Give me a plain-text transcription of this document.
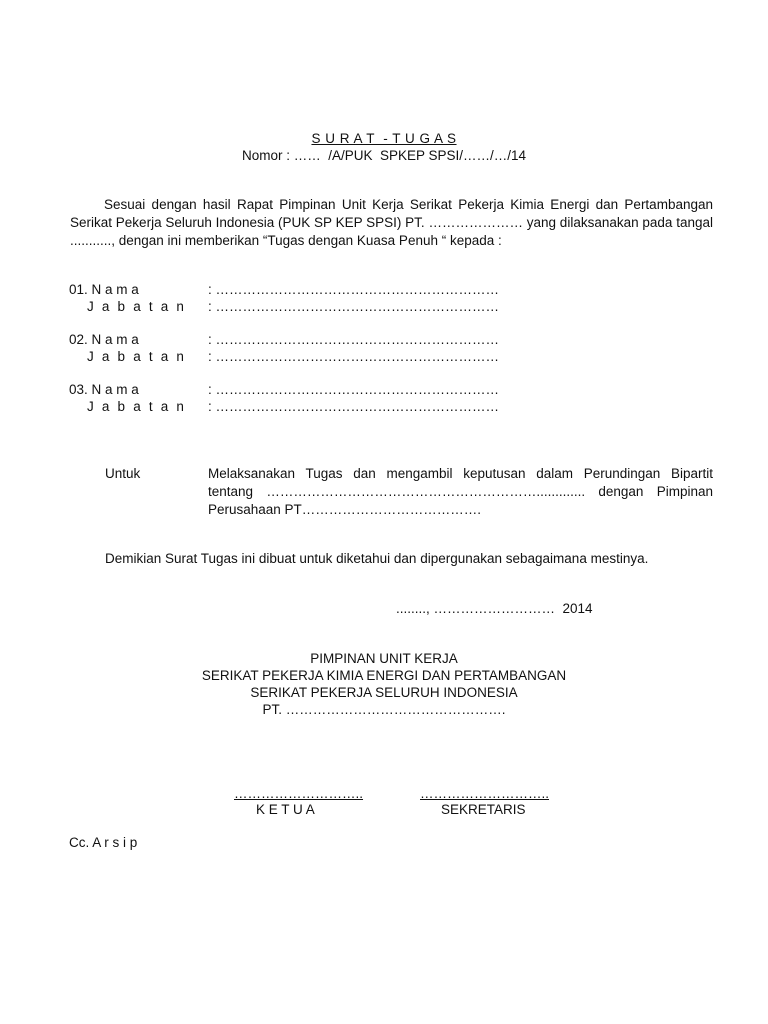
S U R A T  - T U G A S
Nomor : ……  /A/PUK  SPKEP SPSI/……/…/14
Sesuai dengan hasil Rapat Pimpinan Unit Kerja Serikat Pekerja Kimia Energi dan Pertambangan Serikat Pekerja Seluruh Indonesia (PUK SP KEP SPSI) PT. ………………… yang dilaksanakan pada tangal ..........., dengan ini memberikan “Tugas dengan Kuasa Penuh “ kepada :
01. N a m a	: ………………………………………………………
J a b a t a n : ………………………………………………………
02. N a m a	: ………………………………………………………
J a b a t a n : ………………………………………………………
03. N a m a	: ………………………………………………………
J a b a t a n : ………………………………………………………
Untuk	Melaksanakan Tugas dan mengambil keputusan dalam Perundingan Bipartit tentang ……………………………………………………............. dengan Pimpinan Perusahaan PT………………………………….
Demikian Surat Tugas ini dibuat untuk diketahui dan dipergunakan sebagaimana mestinya.
........, ………………………  2014
PIMPINAN UNIT KERJA
SERIKAT PEKERJA KIMIA ENERGI DAN PERTAMBANGAN
SERIKAT PEKERJA SELURUH INDONESIA
PT. ………………………………………….
………………………..
K E T U A
………………………..
SEKRETARIS
Cc. A r s i p
